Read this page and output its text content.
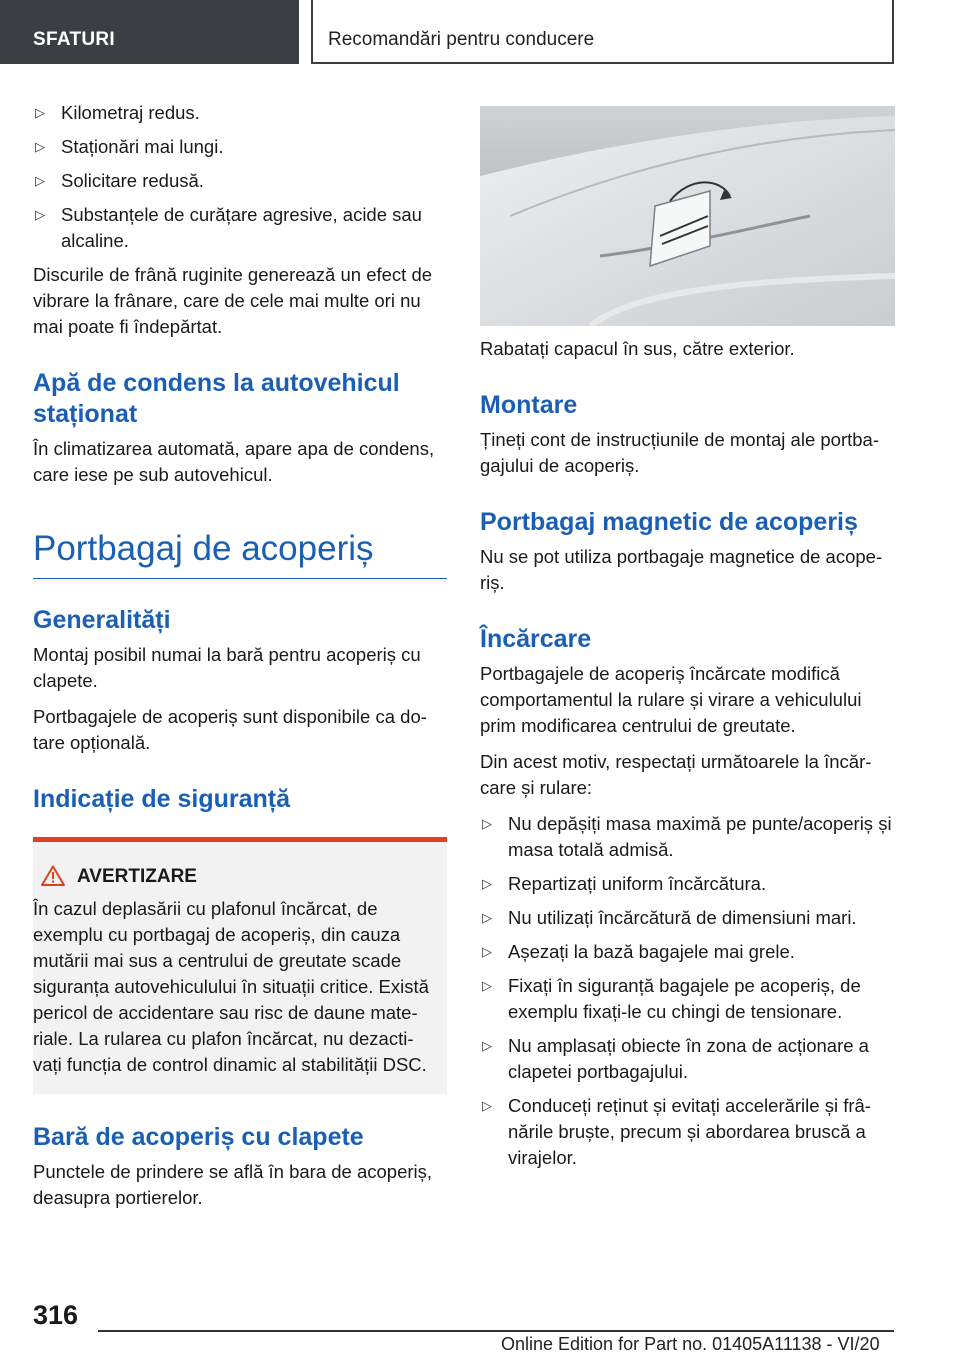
SFATURI	Recomandări pentru conducere
▷ Kilometraj redus.
▷ Staționări mai lungi.
▷ Solicitare redusă.
▷ Substanțele de curățare agresive, acide sau alcaline.

Discurile de frână ruginite generează un efect de vibrare la frânare, care de cele mai multe ori nu mai poate fi îndepărtat.

Apă de condens la autovehicul staționat

În climatizarea automată, apare apa de condens, care iese pe sub autovehicul.

Portbagaj de acoperiș
Generalități

Montaj posibil numai la bară pentru acoperiș cu clapete.

Portbagajele de acoperiș sunt disponibile ca do-tare opțională.

Indicație de siguranță
AVERTIZARE

În cazul deplasării cu plafonul încărcat, de exemplu cu portbagaj de acoperiș, din cauza mutării mai sus a centrului de greutate scade siguranța autovehiculului în situații critice. Există pericol de accidentare sau risc de daune mate-riale. La rularea cu plafon încărcat, nu dezacti-vați funcția de control dinamic al stabilității DSC.

Bară de acoperiș cu clapete

Punctele de prindere se află în bara de acoperiș, deasupra portierelor.

Rabatați capacul în sus, către exterior.

Montare

Țineți cont de instrucțiunile de montaj ale portba-gajului de acoperiș.

Portbagaj magnetic de acoperiș

Nu se pot utiliza portbagaje magnetice de acope-riș.

Încărcare

Portbagajele de acoperiș încărcate modifică comportamentul la rulare și virare a vehiculului prim modificarea centrului de greutate.

Din acest motiv, respectați următoarele la încăr-care și rulare:

▷ Nu depășiți masa maximă pe punte/acoperiș și masa totală admisă.
▷ Repartizați uniform încărcătura.
▷ Nu utilizați încărcătură de dimensiuni mari.
▷ Așezați la bază bagajele mai grele.
▷ Fixați în siguranță bagajele pe acoperiș, de exemplu fixați-le cu chingi de tensionare.
▷ Nu amplasați obiecte în zona de acționare a clapetei portbagajului.
▷ Conduceți reținut și evitați accelerările și frâ-nările bruște, precum și abordarea bruscă a virajelor.
316
Online Edition for Part no. 01405A11138 - VI/20
